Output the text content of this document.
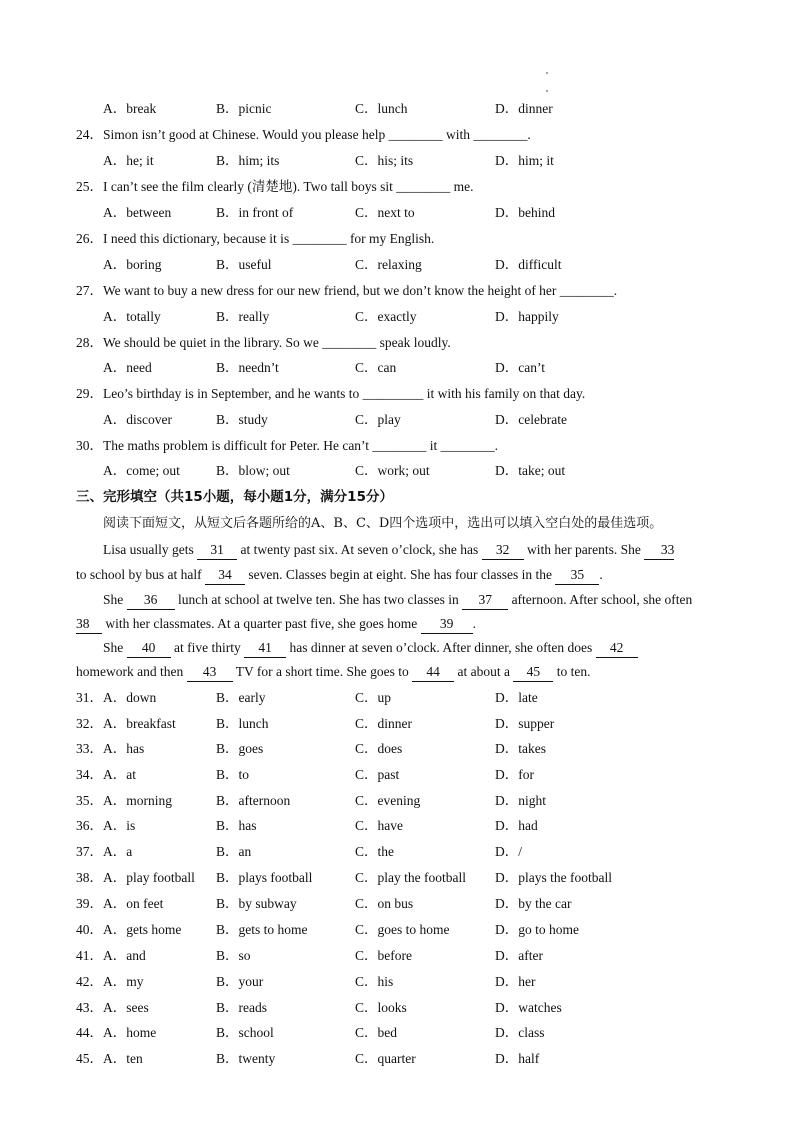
A．break	B．picnic	C．lunch	D．dinner
24．Simon isn’t good at Chinese. Would you please help ________ with ________.
A．he; it	B．him; its	C．his; its	D．him; it
25．I can’t see the film clearly (清楚地). Two tall boys sit ________ me.
A．between	B．in front of	C．next to	D．behind
26．I need this dictionary, because it is ________ for my English.
A．boring	B．useful	C．relaxing	D．difficult
27．We want to buy a new dress for our new friend, but we don’t know the height of her ________.
A．totally	B．really	C．exactly	D．happily
28．We should be quiet in the library. So we ________ speak loudly.
A．need	B．needn’t	C．can	D．can’t
29．Leo’s birthday is in September, and he wants to _________ it with his family on that day.
A．discover	B．study	C．play	D．celebrate
30．The maths problem is difficult for Peter. He can’t ________ it ________.
A．come; out	B．blow; out	C．work; out	D．take; out
三、完形填空（共15小题，每小题1分，满分15分）
阅读下面短文，从短文后各题所给的A、B、C、D四个选项中，选出可以填入空白处的最佳选项。
Lisa usually gets 31 at twenty past six. At seven o’clock, she has 32 with her parents. She 33
to school by bus at half 34 seven. Classes begin at eight. She has four classes in the 35 .
She 36 lunch at school at twelve ten. She has two classes in 37 afternoon. After school, she often
38 with her classmates. At a quarter past five, she goes home 39 .
She 40 at five thirty 41 has dinner at seven o’clock. After dinner, she often does 42
homework and then 43 TV for a short time. She goes to 44 at about a 45 to ten.
31． A．down	B．early	C．up	D．late
32． A．breakfast	B．lunch	C．dinner	D．supper
33． A．has	B．goes	C．does	D．takes
34． A．at	B．to	C．past	D．for
35． A．morning	B．afternoon	C．evening	D．night
36． A．is	B．has	C．have	D．had
37． A．a	B．an	C．the	D．/
38． A．play football B．plays football	C．play the football D．plays the football
39． A．on feet	B．by subway	C．on bus	D．by the car
40． A．gets home	B．gets to home	C．goes to home	D．go to home
41． A．and	B．so	C．before	D．after
42． A．my	B．your	C．his	D．her
43． A．sees	B．reads	C．looks	D．watches
44． A．home	B．school	C．bed	D．class
45． A．ten	B．twenty	C．quarter	D．half
